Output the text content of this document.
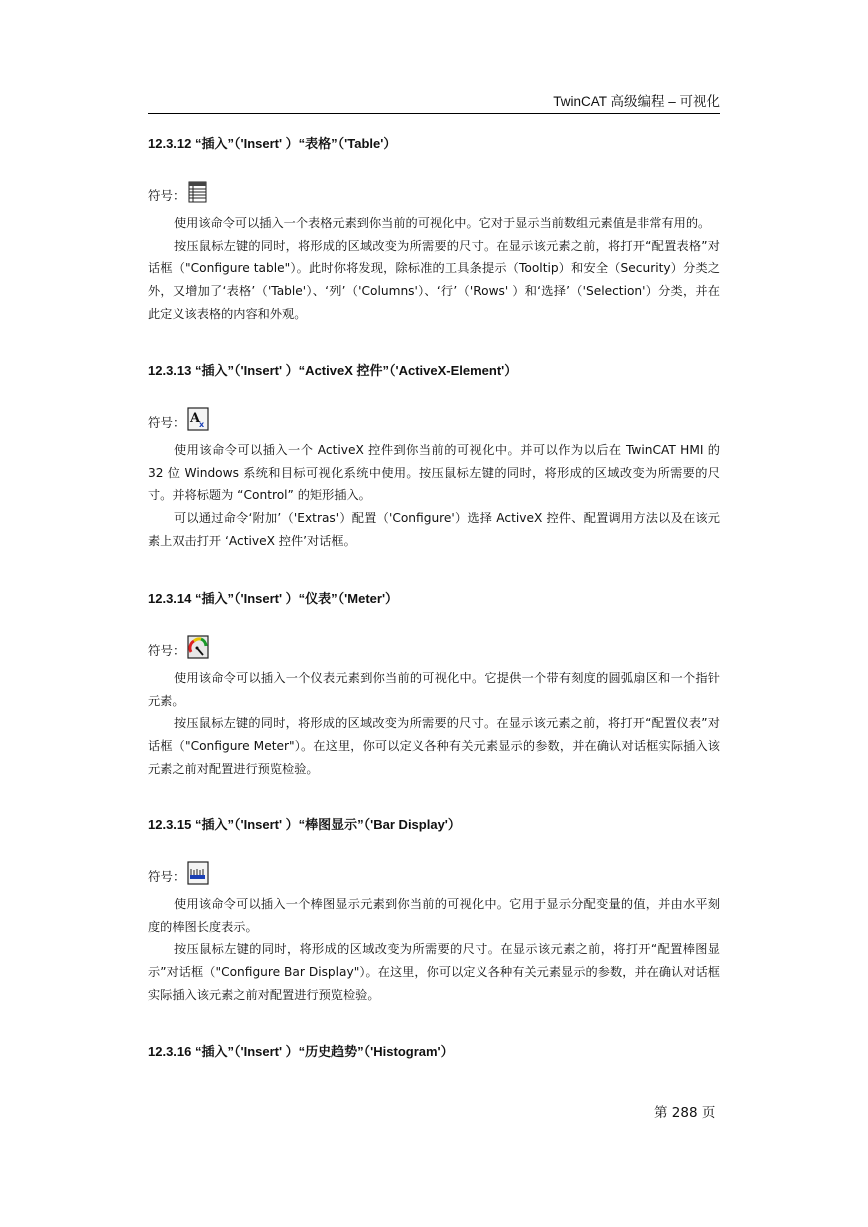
TwinCAT 高级编程 – 可视化
12.3.12 “插入”（'Insert' ）“表格”（'Table'）
符号：

使用该命令可以插入一个表格元素到你当前的可视化中。它对于显示当前数组元素值是非常有用的。

按压鼠标左键的同时，将形成的区域改变为所需要的尺寸。在显示该元素之前，将打开“配置表格”对话框（"Configure table"）。此时你将发现，除标准的工具条提示（Tooltip）和安全（Security）分类之外，又增加了‘表格’（'Table'）、‘列’（'Columns'）、‘行’（'Rows' ）和‘选择’（'Selection'）分类，并在此定义该表格的内容和外观。

12.3.13 “插入”（'Insert' ）“ActiveX 控件”（'ActiveX-Element'）
符号： A
x

使用该命令可以插入一个 ActiveX 控件到你当前的可视化中。并可以作为以后在 TwinCAT HMI 的 32 位 Windows 系统和目标可视化系统中使用。按压鼠标左键的同时，将形成的区域改变为所需要的尺寸。并将标题为 “Control” 的矩形插入。

可以通过命令‘附加’（'Extras'）配置（'Configure'）选择 ActiveX 控件、配置调用方法以及在该元素上双击打开 ‘ActiveX 控件’对话框。

12.3.14 “插入”（'Insert' ）“仪表”（'Meter'）
符号：

使用该命令可以插入一个仪表元素到你当前的可视化中。它提供一个带有刻度的圆弧扇区和一个指针元素。

按压鼠标左键的同时，将形成的区域改变为所需要的尺寸。在显示该元素之前，将打开“配置仪表”对话框（"Configure Meter"）。在这里，你可以定义各种有关元素显示的参数，并在确认对话框实际插入该元素之前对配置进行预览检验。

12.3.15 “插入”（'Insert' ）“棒图显示”（'Bar Display'）
符号：

使用该命令可以插入一个棒图显示元素到你当前的可视化中。它用于显示分配变量的值，并由水平刻度的棒图长度表示。

按压鼠标左键的同时，将形成的区域改变为所需要的尺寸。在显示该元素之前，将打开“配置棒图显示”对话框（"Configure Bar Display"）。在这里，你可以定义各种有关元素显示的参数，并在确认对话框实际插入该元素之前对配置进行预览检验。

12.3.16 “插入”（'Insert' ）“历史趋势”（'Histogram'）
第 288 页
